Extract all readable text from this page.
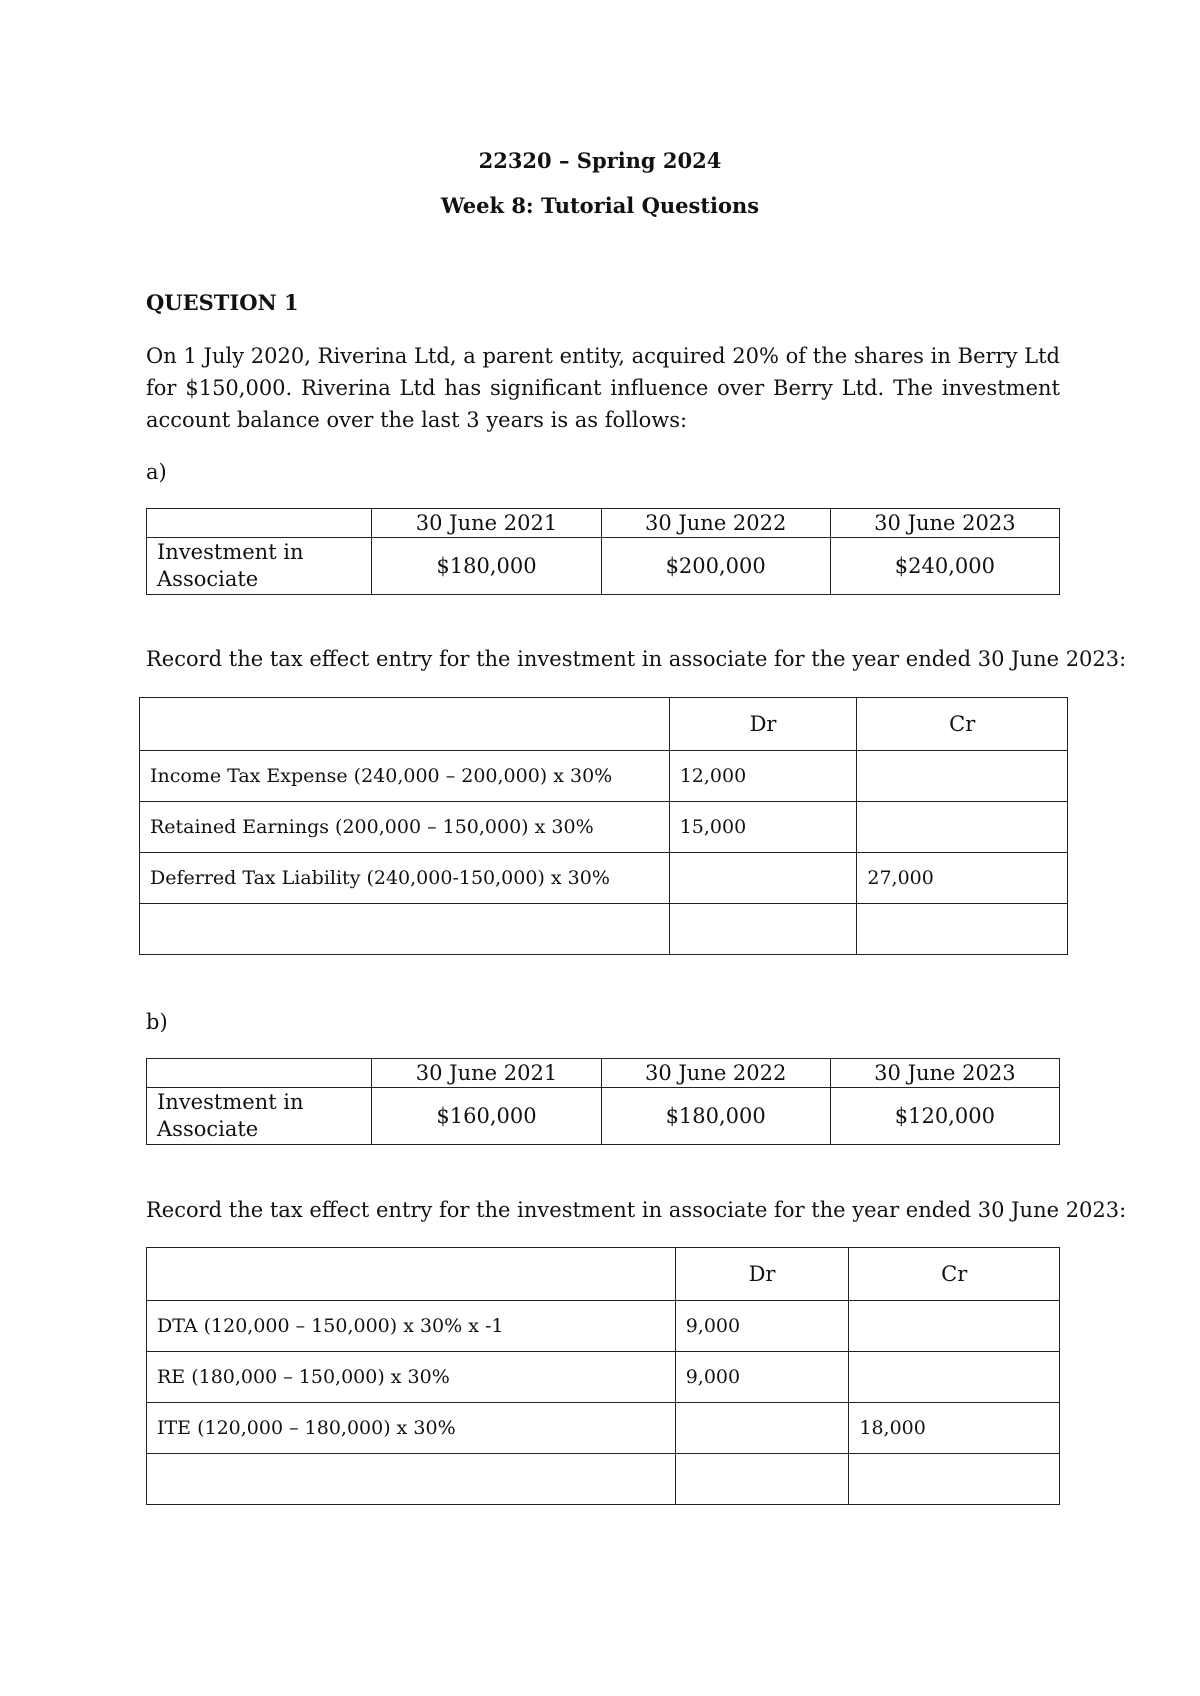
22320 – Spring 2024
Week 8: Tutorial Questions
QUESTION 1
On 1 July 2020, Riverina Ltd, a parent entity, acquired 20% of the shares in Berry Ltd for $150,000. Riverina Ltd has significant influence over Berry Ltd. The investment account balance over the last 3 years is as follows:
a)
	30 June 2021	30 June 2022	30 June 2023
Investment in Associate	$180,000	$200,000	$240,000
Record the tax effect entry for the investment in associate for the year ended 30 June 2023:
	Dr	Cr
Income Tax Expense (240,000 – 200,000) x 30%	12,000	
Retained Earnings (200,000 – 150,000) x 30%	15,000	
Deferred Tax Liability (240,000-150,000) x 30%		27,000

b)
	30 June 2021	30 June 2022	30 June 2023
Investment in Associate	$160,000	$180,000	$120,000
Record the tax effect entry for the investment in associate for the year ended 30 June 2023:
	Dr	Cr
DTA (120,000 – 150,000) x 30% x -1	9,000	
RE (180,000 – 150,000) x 30%	9,000	
ITE (120,000 – 180,000) x 30%		18,000
